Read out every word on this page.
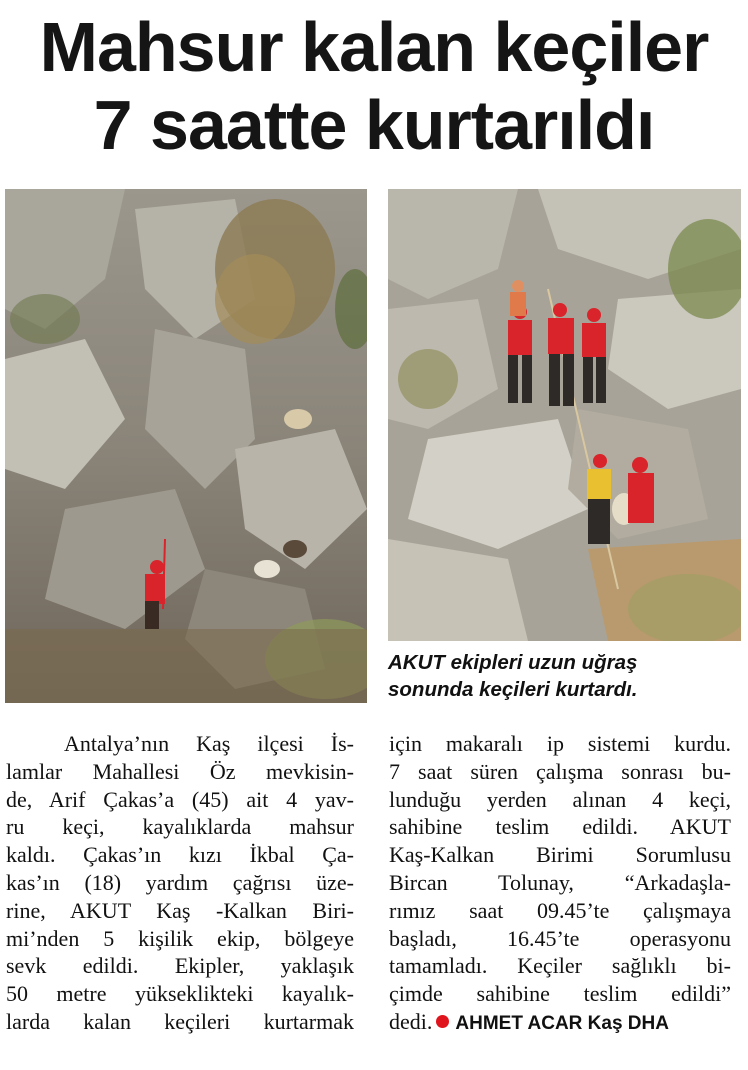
Mahsur kalan keçiler
7 saatte kurtarıldı
AKUT ekipleri uzun uğraş
sonunda keçileri kurtardı.
Antalya’nın Kaş ilçesi İs-
lamlar Mahallesi Öz mevkisin-
de, Arif Çakas’a (45) ait 4 yav-
ru keçi, kayalıklarda mahsur
kaldı. Çakas’ın kızı İkbal Ça-
kas’ın (18) yardım çağrısı üze-
rine, AKUT Kaş -Kalkan Biri-
mi’nden 5 kişilik ekip, bölgeye
sevk edildi. Ekipler, yaklaşık
50 metre yükseklikteki kayalık-
larda kalan keçileri kurtarmak
için makaralı ip sistemi kurdu.
7 saat süren çalışma sonrası bu-
lunduğu yerden alınan 4 keçi,
sahibine teslim edildi. AKUT
Kaş-Kalkan Birimi Sorumlusu
Bircan Tolunay, “Arkadaşla-
rımız saat 09.45’te çalışmaya
başladı, 16.45’te operasyonu
tamamladı. Keçiler sağlıklı bi-
çimde sahibine teslim edildi”
dedi. AHMET ACAR Kaş DHA
